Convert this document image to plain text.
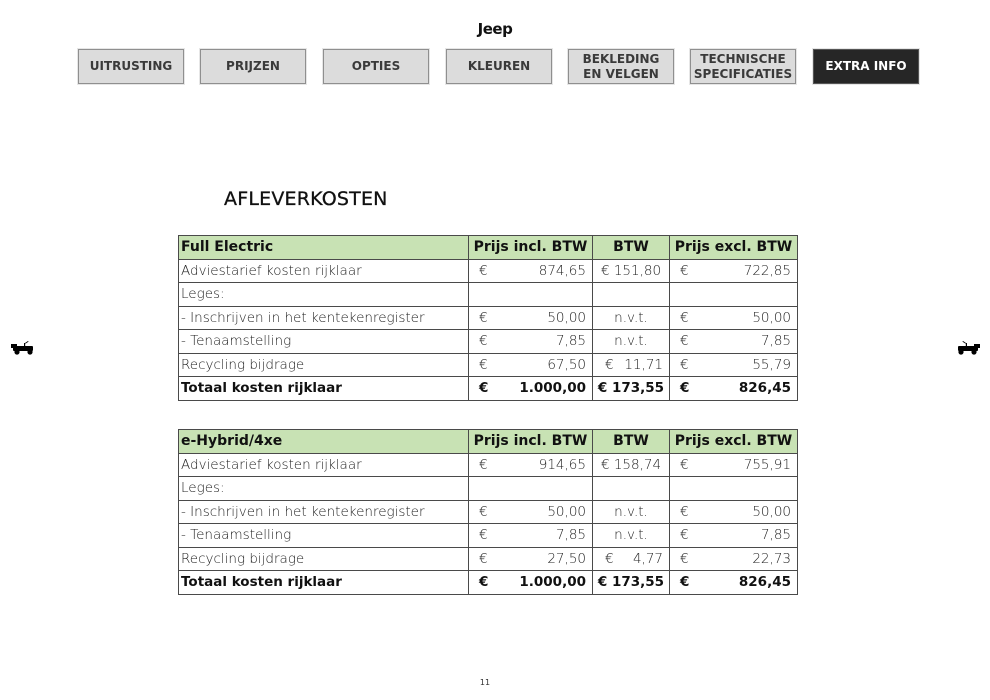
Jeep
UITRUSTING	PRIJZEN	OPTIES	KLEUREN
BEKLEDING EN VELGEN
TECHNISCHE SPECIFICATIES
EXTRA INFO
AFLEVERKOSTEN
Full Electric	Prijs incl. BTW	BTW	Prijs excl. BTW
Adviestarief kosten rijklaar	€ 874,65	€ 151,80	€ 722,85

Leges:			
- Inschrijven in het kentekenregister	€ 50,00	n.v.t.	€ 50,00

- Tenaamstelling	€ 7,85	n.v.t.	€ 7,85

Recycling bijdrage	€ 67,50	€ 11,71	€ 55,79

Totaal kosten rijklaar	€ 1.000,00	€ 173,55	€ 826,45
e-Hybrid/4xe	Prijs incl. BTW	BTW	Prijs excl. BTW
Adviestarief kosten rijklaar	€ 914,65	€ 158,74	€ 755,91

Leges:			
- Inschrijven in het kentekenregister	€ 50,00	n.v.t.	€ 50,00

- Tenaamstelling	€ 7,85	n.v.t.	€ 7,85

Recycling bijdrage	€ 27,50	€ 4,77	€ 22,73

Totaal kosten rijklaar	€ 1.000,00	€ 173,55	€ 826,45
11
